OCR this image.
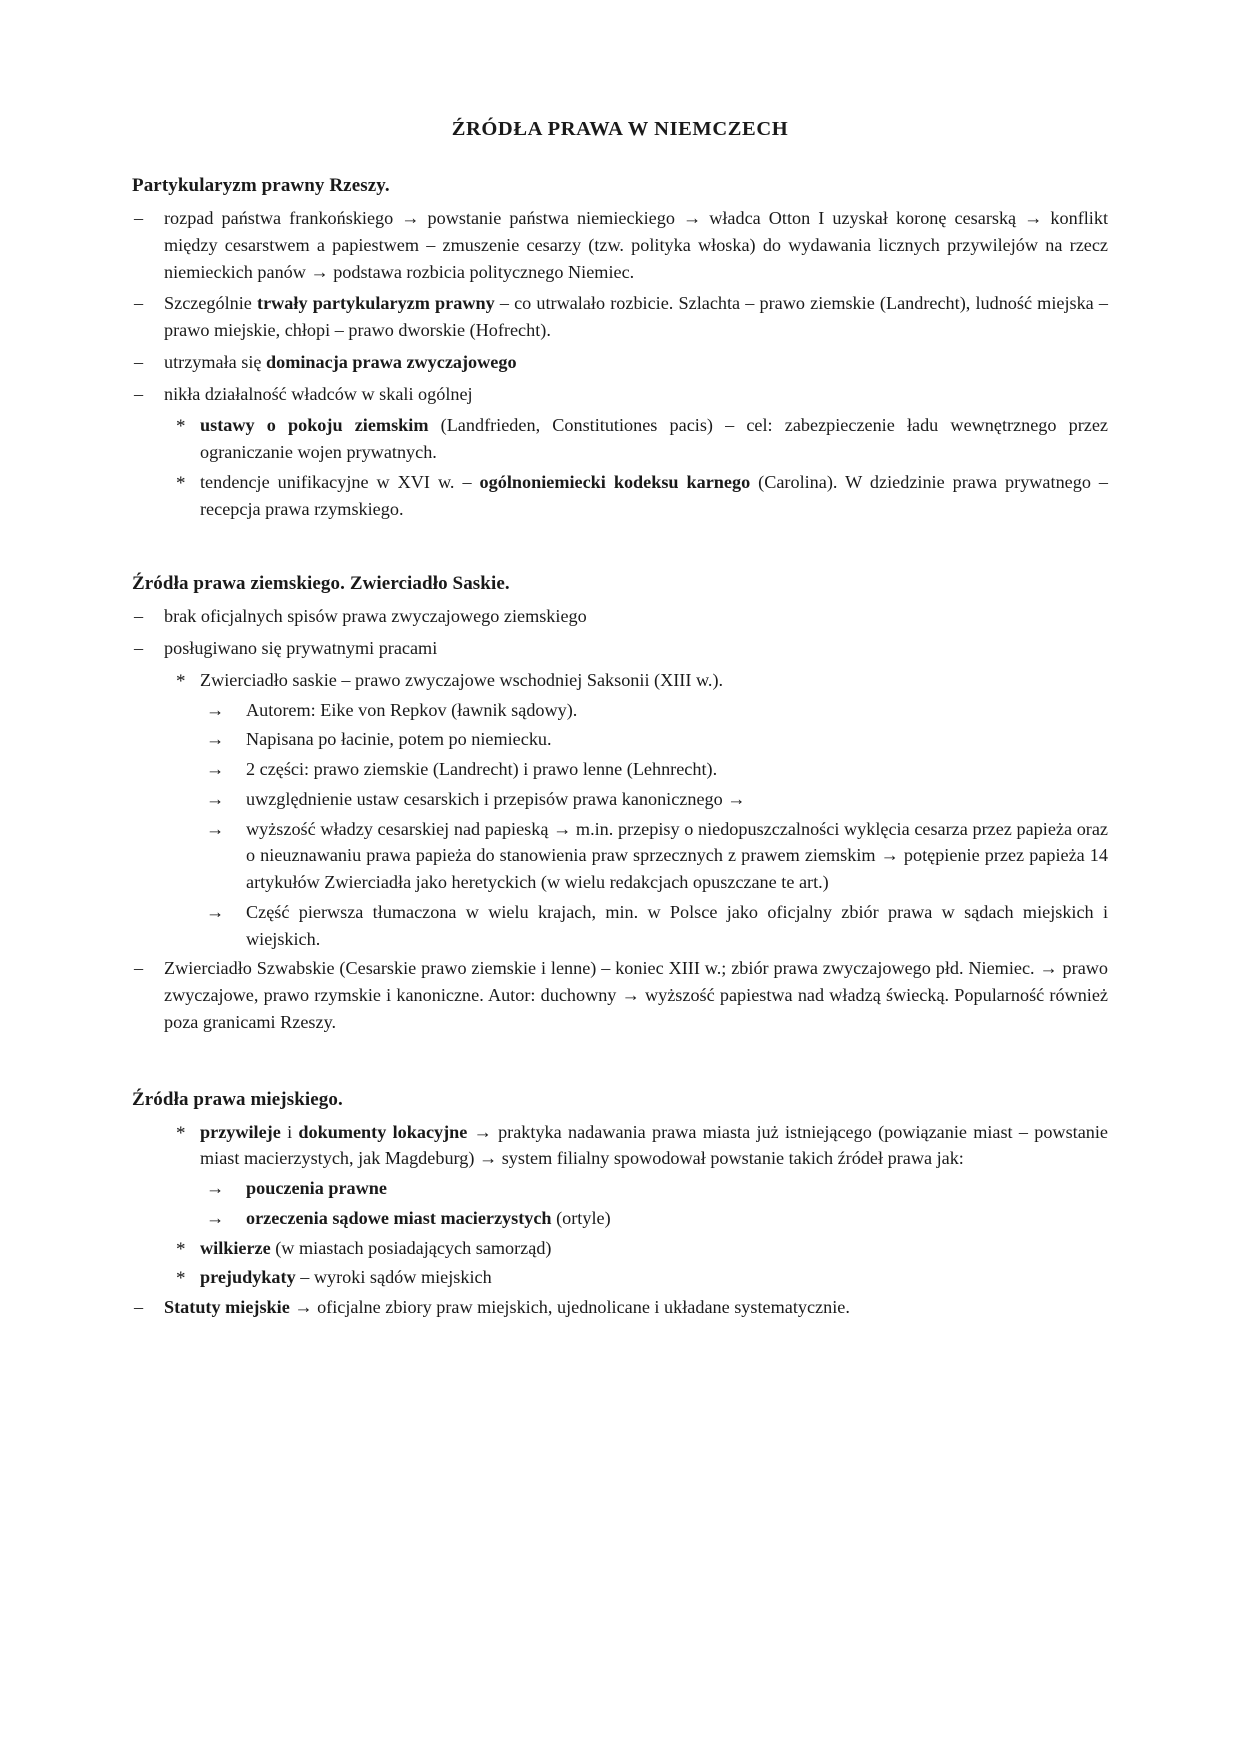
ŹRÓDŁA PRAWA W NIEMCZECH
Partykularyzm prawny Rzeszy.
– rozpad państwa frankońskiego → powstanie państwa niemieckiego → władca Otton I uzyskał koronę cesarską → konflikt między cesarstwem a papiestwem – zmuszenie cesarzy (tzw. polityka włoska) do wydawania licznych przywilejów na rzecz niemieckich panów → podstawa rozbicia politycznego Niemiec.
– Szczególnie trwały partykularyzm prawny – co utrwalało rozbicie. Szlachta – prawo ziemskie (Landrecht), ludność miejska – prawo miejskie, chłopi – prawo dworskie (Hofrecht).
– utrzymała się dominacja prawa zwyczajowego
– nikła działalność władców w skali ogólnej
* ustawy o pokoju ziemskim (Landfrieden, Constitutiones pacis) – cel: zabezpieczenie ładu wewnętrznego przez ograniczanie wojen prywatnych.
* tendencje unifikacyjne w XVI w. – ogólnoniemiecki kodeksu karnego (Carolina). W dziedzinie prawa prywatnego – recepcja prawa rzymskiego.
Źródła prawa ziemskiego. Zwierciadło Saskie.
– brak oficjalnych spisów prawa zwyczajowego ziemskiego
– posługiwano się prywatnymi pracami
* Zwierciadło saskie – prawo zwyczajowe wschodniej Saksonii (XIII w.).
→ Autorem: Eike von Repkov (ławnik sądowy).
→ Napisana po łacinie, potem po niemiecku.
→ 2 części: prawo ziemskie (Landrecht) i prawo lenne (Lehnrecht).
→ uwzględnienie ustaw cesarskich i przepisów prawa kanonicznego →
→ wyższość władzy cesarskiej nad papieską → m.in. przepisy o niedopuszczalności wyklęcia cesarza przez papieża oraz o nieuznawaniu prawa papieża do stanowienia praw sprzecznych z prawem ziemskim → potępienie przez papieża 14 artykułów Zwierciadła jako heretyckich (w wielu redakcjach opuszczane te art.)
→ Część pierwsza tłumaczona w wielu krajach, min. w Polsce jako oficjalny zbiór prawa w sądach miejskich i wiejskich.
– Zwierciadło Szwabskie (Cesarskie prawo ziemskie i lenne) – koniec XIII w.; zbiór prawa zwyczajowego płd. Niemiec. → prawo zwyczajowe, prawo rzymskie i kanoniczne. Autor: duchowny → wyższość papiestwa nad władzą świecką. Popularność również poza granicami Rzeszy.
Źródła prawa miejskiego.
* przywileje i dokumenty lokacyjne → praktyka nadawania prawa miasta już istniejącego (powiązanie miast – powstanie miast macierzystych, jak Magdeburg) → system filialny spowodował powstanie takich źródeł prawa jak:
→ pouczenia prawne
→ orzeczenia sądowe miast macierzystych (ortyle)
* wilkierze (w miastach posiadających samorząd)
* prejudykaty – wyroki sądów miejskich
– Statuty miejskie → oficjalne zbiory praw miejskich, ujednolicane i układane systematycznie.
